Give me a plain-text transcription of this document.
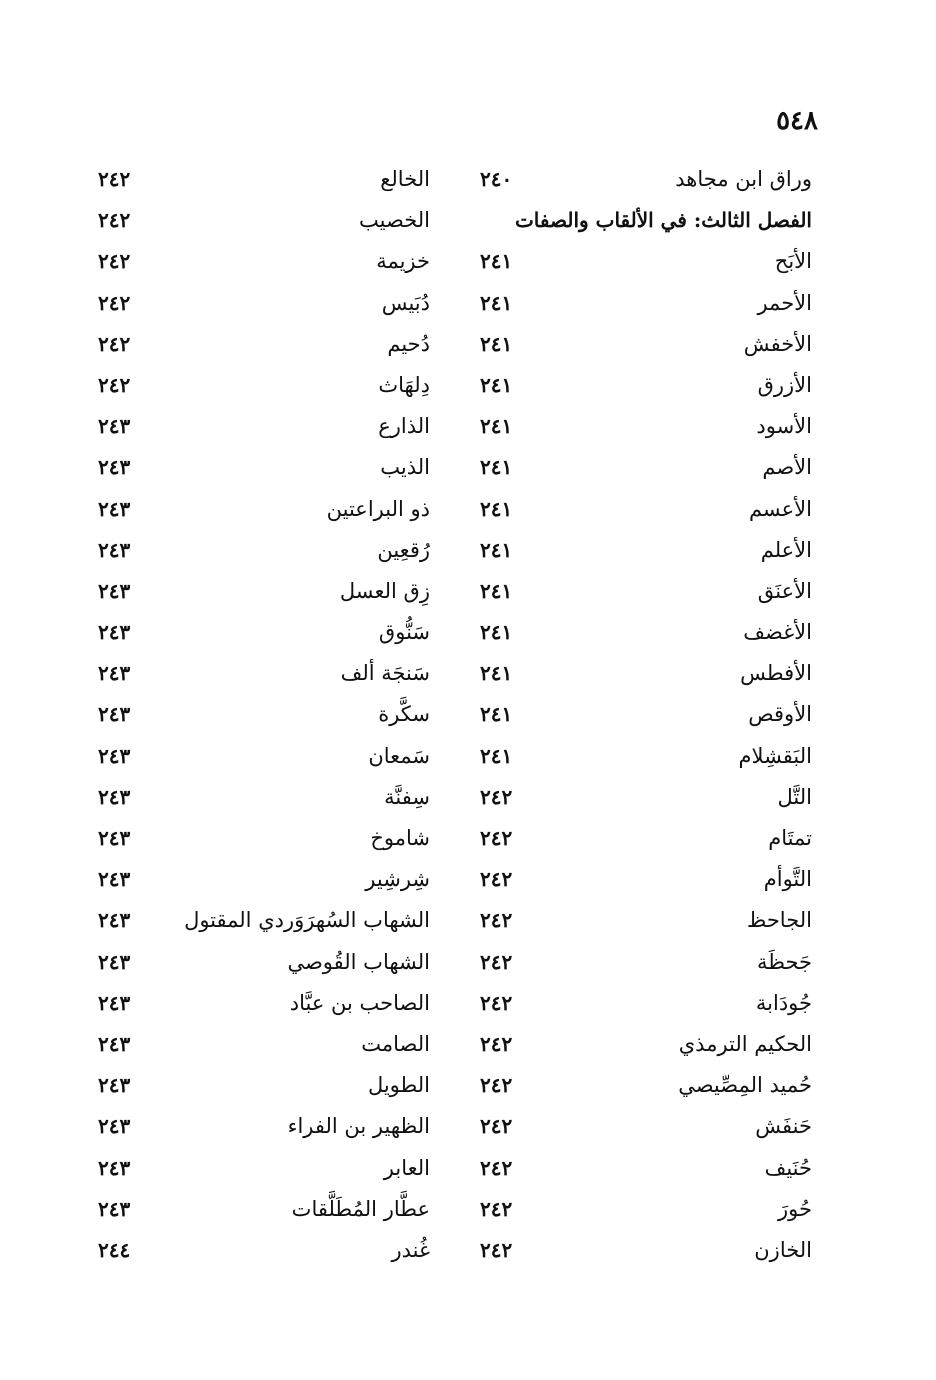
٥٤٨
وراق ابن مجاهد
٢٤٠
الفصل الثالث: في الألقاب والصفات
الأبَح
٢٤١
الأحمر
٢٤١
الأخفش
٢٤١
الأزرق
٢٤١
الأسود
٢٤١
الأصم
٢٤١
الأعسم
٢٤١
الأعلم
٢٤١
الأعنَق
٢٤١
الأغضف
٢٤١
الأفطس
٢٤١
الأوقص
٢٤١
البَقشِلام
٢٤١
التَّل
٢٤٢
تمتَام
٢٤٢
التَّوأم
٢٤٢
الجاحظ
٢٤٢
جَحظَة
٢٤٢
جُودَابة
٢٤٢
الحكيم الترمذي
٢٤٢
حُميد المِصِّيصي
٢٤٢
حَنفَش
٢٤٢
حُنَيف
٢٤٢
حُورَ
٢٤٢
الخازن
٢٤٢
الخالع
٢٤٢
الخصيب
٢٤٢
خزيمة
٢٤٢
دُبَيس
٢٤٢
دُحيم
٢٤٢
دِلهَاث
٢٤٢
الذارع
٢٤٣
الذيب
٢٤٣
ذو البراعتين
٢٤٣
رُقعِين
٢٤٣
زِق العسل
٢٤٣
سَنُّوق
٢٤٣
سَنجَة ألف
٢٤٣
سكَّرة
٢٤٣
سَمعان
٢٤٣
سِفنَّة
٢٤٣
شاموخ
٢٤٣
شِرشِير
٢٤٣
الشهاب السُهرَوَردي المقتول
٢٤٣
الشهاب القُوصي
٢٤٣
الصاحب بن عبَّاد
٢٤٣
الصامت
٢٤٣
الطويل
٢٤٣
الظهير بن الفراء
٢٤٣
العابر
٢٤٣
عطَّار المُطَلَّقات
٢٤٣
غُندر
٢٤٤
